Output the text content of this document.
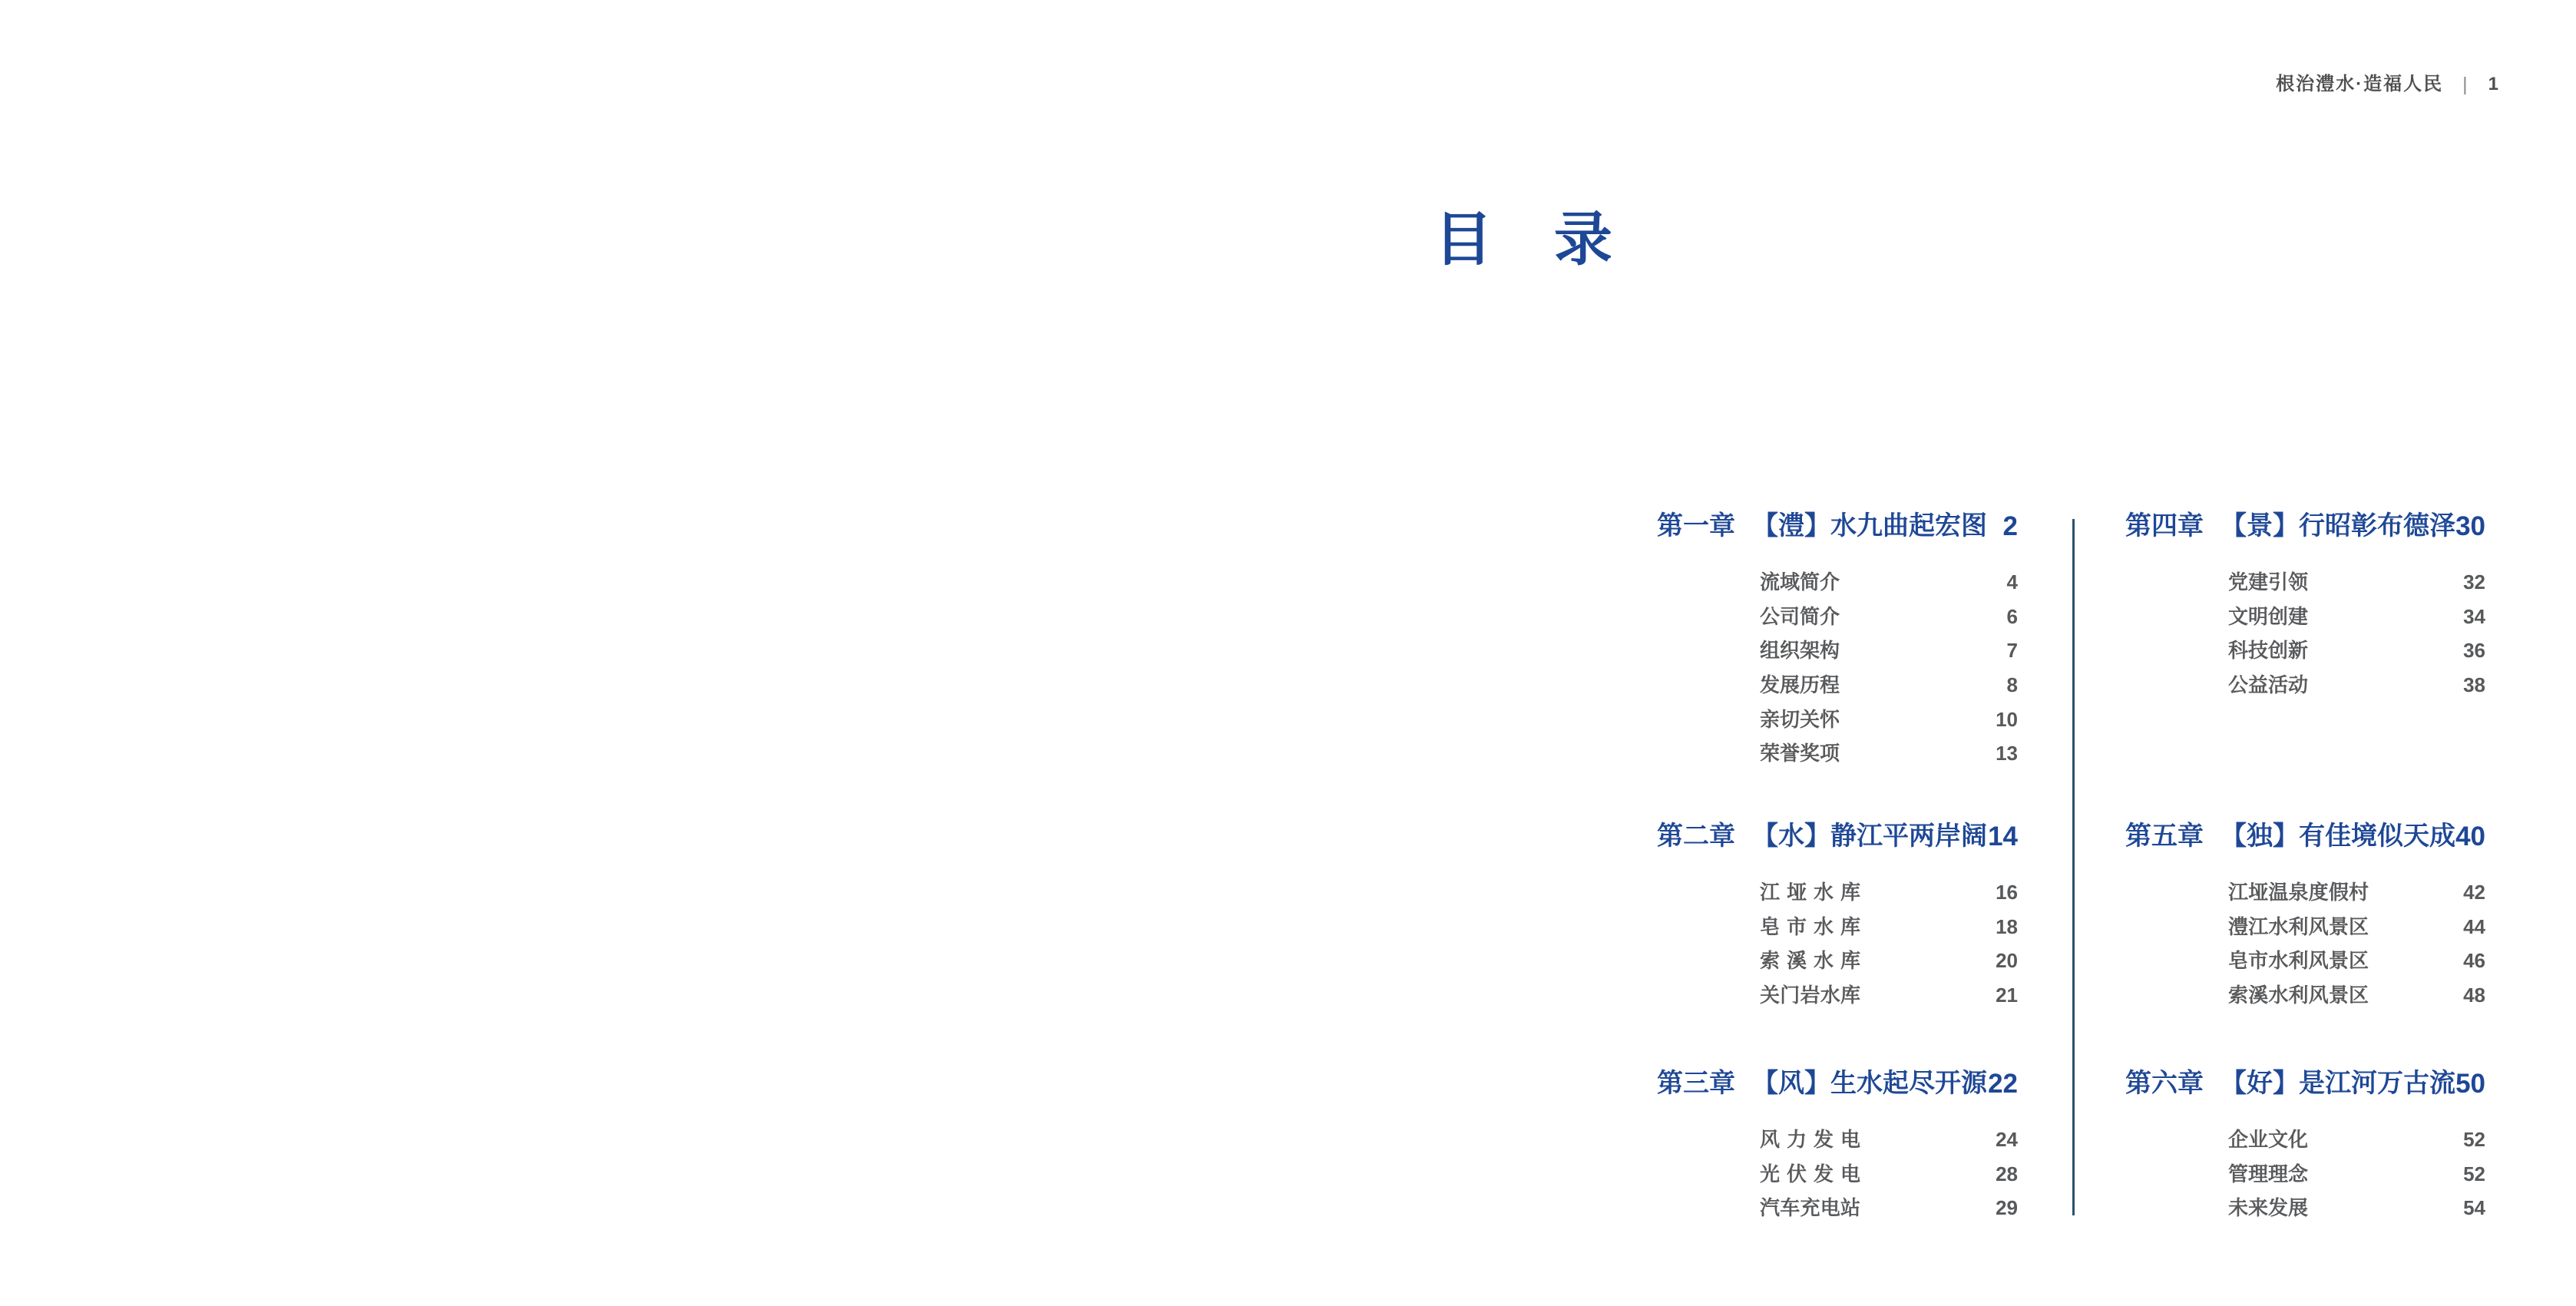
根治澧水·造福人民 | 1
目 录
第一章 【澧】水九曲起宏图 2
流域简介	4
公司简介	6
组织架构	7
发展历程	8
亲切关怀	10
荣誉奖项	13
第二章 【水】静江平两岸阔 14
江垭水库	16
皂市水库	18
索溪水库	20
关门岩水库	21
第三章 【风】生水起尽开源 22
风力发电	24
光伏发电	28
汽车充电站	29
第四章 【景】行昭彰布德泽 30
党建引领	32
文明创建	34
科技创新	36
公益活动	38
第五章 【独】有佳境似天成 40
江垭温泉度假村	42
澧江水利风景区	44
皂市水利风景区	46
索溪水利风景区	48
第六章 【好】是江河万古流 50
企业文化	52
管理理念	52
未来发展	54
